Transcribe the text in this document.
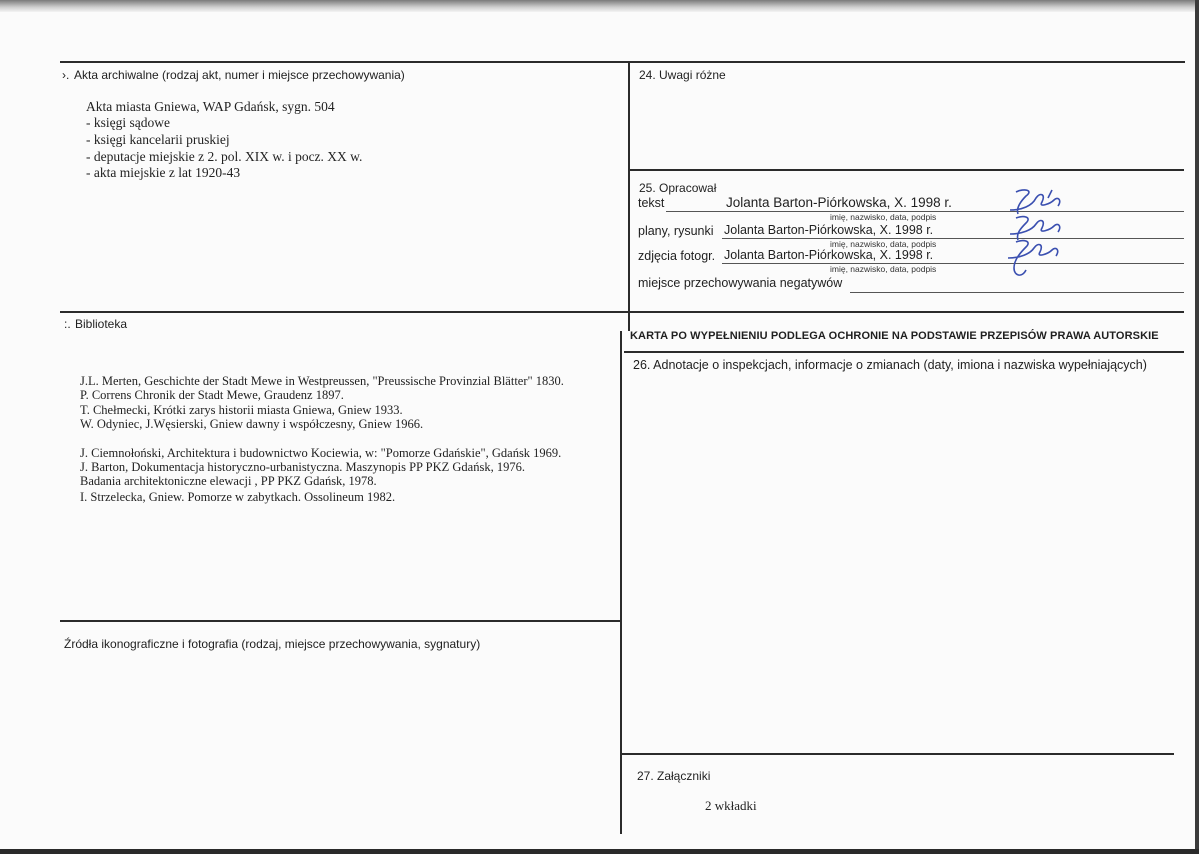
›. Akta archiwalne (rodzaj akt, numer i miejsce przechowywania)
Akta miasta Gniewa, WAP Gdańsk, sygn. 504
- księgi sądowe
- księgi kancelarii pruskiej
- deputacje miejskie z 2. pol. XIX w. i pocz. XX w.
- akta miejskie z lat 1920-43
24. Uwagi różne
25. Opracował
tekst	Jolanta Barton-Piórkowska, X. 1998 r.
imię, nazwisko, data, podpis
plany, rysunki Jolanta Barton-Piórkowska, X. 1998 r.
imię, nazwisko, data, podpis
zdjęcia fotogr. Jolanta Barton-Piórkowska, X. 1998 r.
imię, nazwisko, data, podpis
miejsce przechowywania negatywów
:. Biblioteka
J.L. Merten, Geschichte der Stadt Mewe in Westpreussen, "Preussische Provinzial Blätter" 1830.
P. Correns Chronik der Stadt Mewe, Graudenz 1897.
T. Chełmecki, Krótki zarys historii miasta Gniewa, Gniew 1933.
W. Odyniec, J.Węsierski, Gniew dawny i współczesny, Gniew 1966.
J. Ciemnołoński, Architektura i budownictwo Kociewia, w: "Pomorze Gdańskie", Gdańsk 1969.
J. Barton, Dokumentacja historyczno-urbanistyczna. Maszynopis PP PKZ Gdańsk, 1976.
Badania architektoniczne elewacji , PP PKZ Gdańsk, 1978.
I. Strzelecka, Gniew. Pomorze w zabytkach. Ossolineum 1982.
KARTA PO WYPEŁNIENIU PODLEGA OCHRONIE NA PODSTAWIE PRZEPISÓW PRAWA AUTORSKIE
26. Adnotacje o inspekcjach, informacje o zmianach (daty, imiona i nazwiska wypełniających)
Źródła ikonograficzne i fotografia (rodzaj, miejsce przechowywania, sygnatury)
27. Załączniki
2 wkładki
